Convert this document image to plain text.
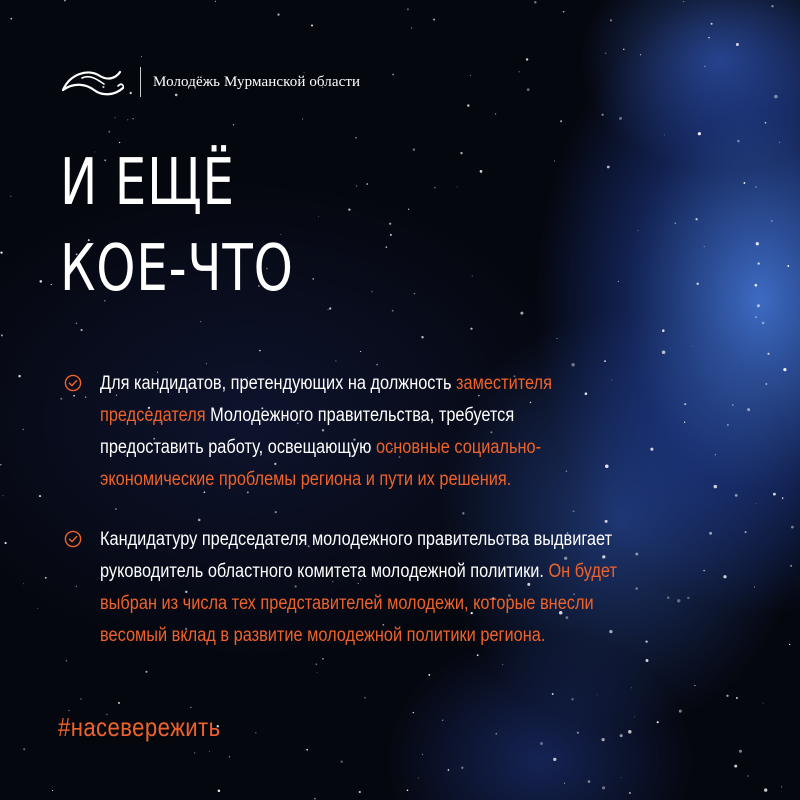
Молодёжь Мурманской области
И ЕЩЁ
КОЕ-ЧТО
Для кандидатов, претендующих на должность заместителя председателя Молодежного правительства, требуется предоставить работу, освещающую основные социально-экономические проблемы региона и пути их решения.
Кандидатуру председателя молодежного правительства выдвигает руководитель областного комитета молодежной политики. Он будет выбран из числа тех представителей молодежи, которые внесли весомый вклад в развитие молодежной политики региона.
#насевережить
